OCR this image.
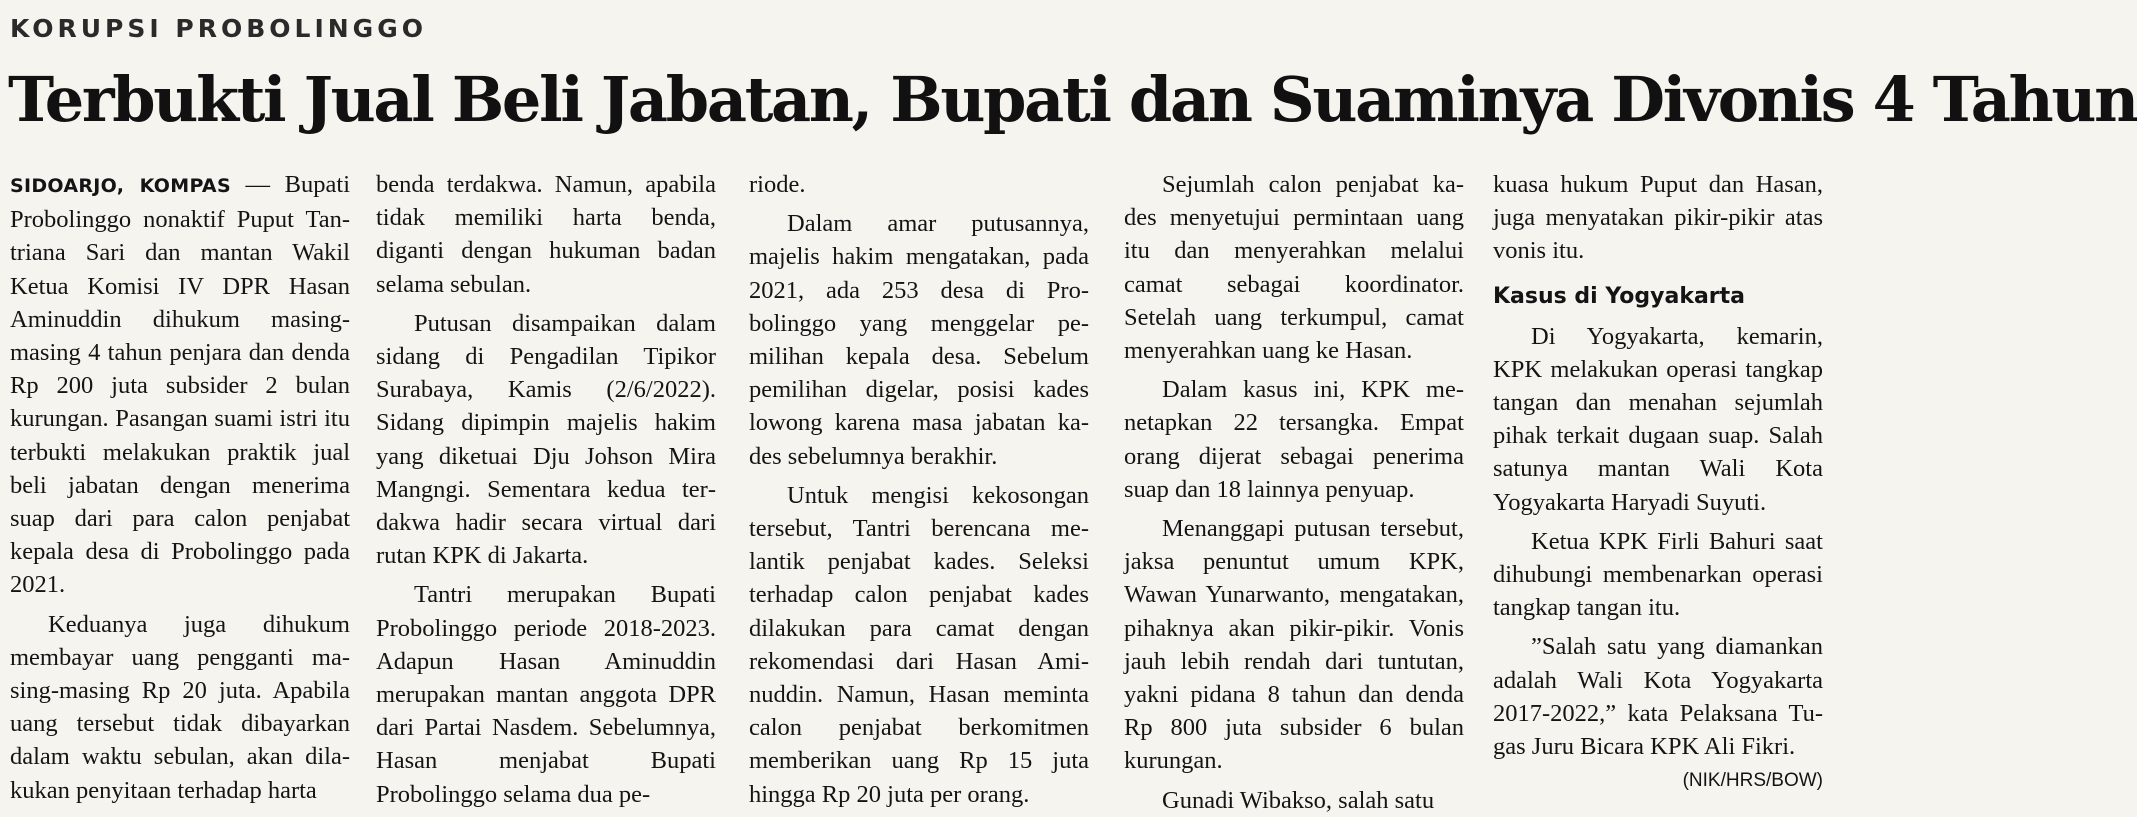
KORUPSI PROBOLINGGO
Terbukti Jual Beli Jabatan, Bupati dan Suaminya Divonis 4 Tahun

SIDOARJO, KOMPAS — Bupati Probolinggo nonaktif Puput Tantriana Sari dan mantan Wakil Ketua Komisi IV DPR Hasan Aminuddin dihukum masing-masing 4 tahun penjara dan denda Rp 200 juta subsider 2 bulan kurungan. Pasangan suami istri itu terbukti melakukan praktik jual beli jabatan dengan menerima suap dari para calon penjabat kepala desa di Probolinggo pada 2021.

Keduanya juga dihukum membayar uang pengganti masing-masing Rp 20 juta. Apabila uang tersebut tidak dibayarkan dalam waktu sebulan, akan dilakukan penyitaan terhadap harta

benda terdakwa. Namun, apabila tidak memiliki harta benda, diganti dengan hukuman badan selama sebulan.

Putusan disampaikan dalam sidang di Pengadilan Tipikor Surabaya, Kamis (2/6/2022). Sidang dipimpin majelis hakim yang diketuai Dju Johson Mira Mangngi. Sementara kedua terdakwa hadir secara virtual dari rutan KPK di Jakarta.

Tantri merupakan Bupati Probolinggo periode 2018-2023. Adapun Hasan Aminuddin merupakan mantan anggota DPR dari Partai Nasdem. Sebelumnya, Hasan menjabat Bupati Probolinggo selama dua pe-

riode.

Dalam amar putusannya, majelis hakim mengatakan, pada 2021, ada 253 desa di Probolinggo yang menggelar pemilihan kepala desa. Sebelum pemilihan digelar, posisi kades lowong karena masa jabatan kades sebelumnya berakhir.

Untuk mengisi kekosongan tersebut, Tantri berencana melantik penjabat kades. Seleksi terhadap calon penjabat kades dilakukan para camat dengan rekomendasi dari Hasan Aminuddin. Namun, Hasan meminta calon penjabat berkomitmen memberikan uang Rp 15 juta hingga Rp 20 juta per orang.

Sejumlah calon penjabat kades menyetujui permintaan uang itu dan menyerahkan melalui camat sebagai koordinator. Setelah uang terkumpul, camat menyerahkan uang ke Hasan.

Dalam kasus ini, KPK menetapkan 22 tersangka. Empat orang dijerat sebagai penerima suap dan 18 lainnya penyuap.

Menanggapi putusan tersebut, jaksa penuntut umum KPK, Wawan Yunarwanto, mengatakan, pihaknya akan pikir-pikir. Vonis jauh lebih rendah dari tuntutan, yakni pidana 8 tahun dan denda Rp 800 juta subsider 6 bulan kurungan.

Gunadi Wibakso, salah satu

kuasa hukum Puput dan Hasan, juga menyatakan pikir-pikir atas vonis itu.

Kasus di Yogyakarta

Di Yogyakarta, kemarin, KPK melakukan operasi tangkap tangan dan menahan sejumlah pihak terkait dugaan suap. Salah satunya mantan Wali Kota Yogyakarta Haryadi Suyuti.

Ketua KPK Firli Bahuri saat dihubungi membenarkan operasi tangkap tangan itu.

”Salah satu yang diamankan adalah Wali Kota Yogyakarta 2017-2022,” kata Pelaksana Tugas Juru Bicara KPK Ali Fikri.

(NIK/HRS/BOW)
